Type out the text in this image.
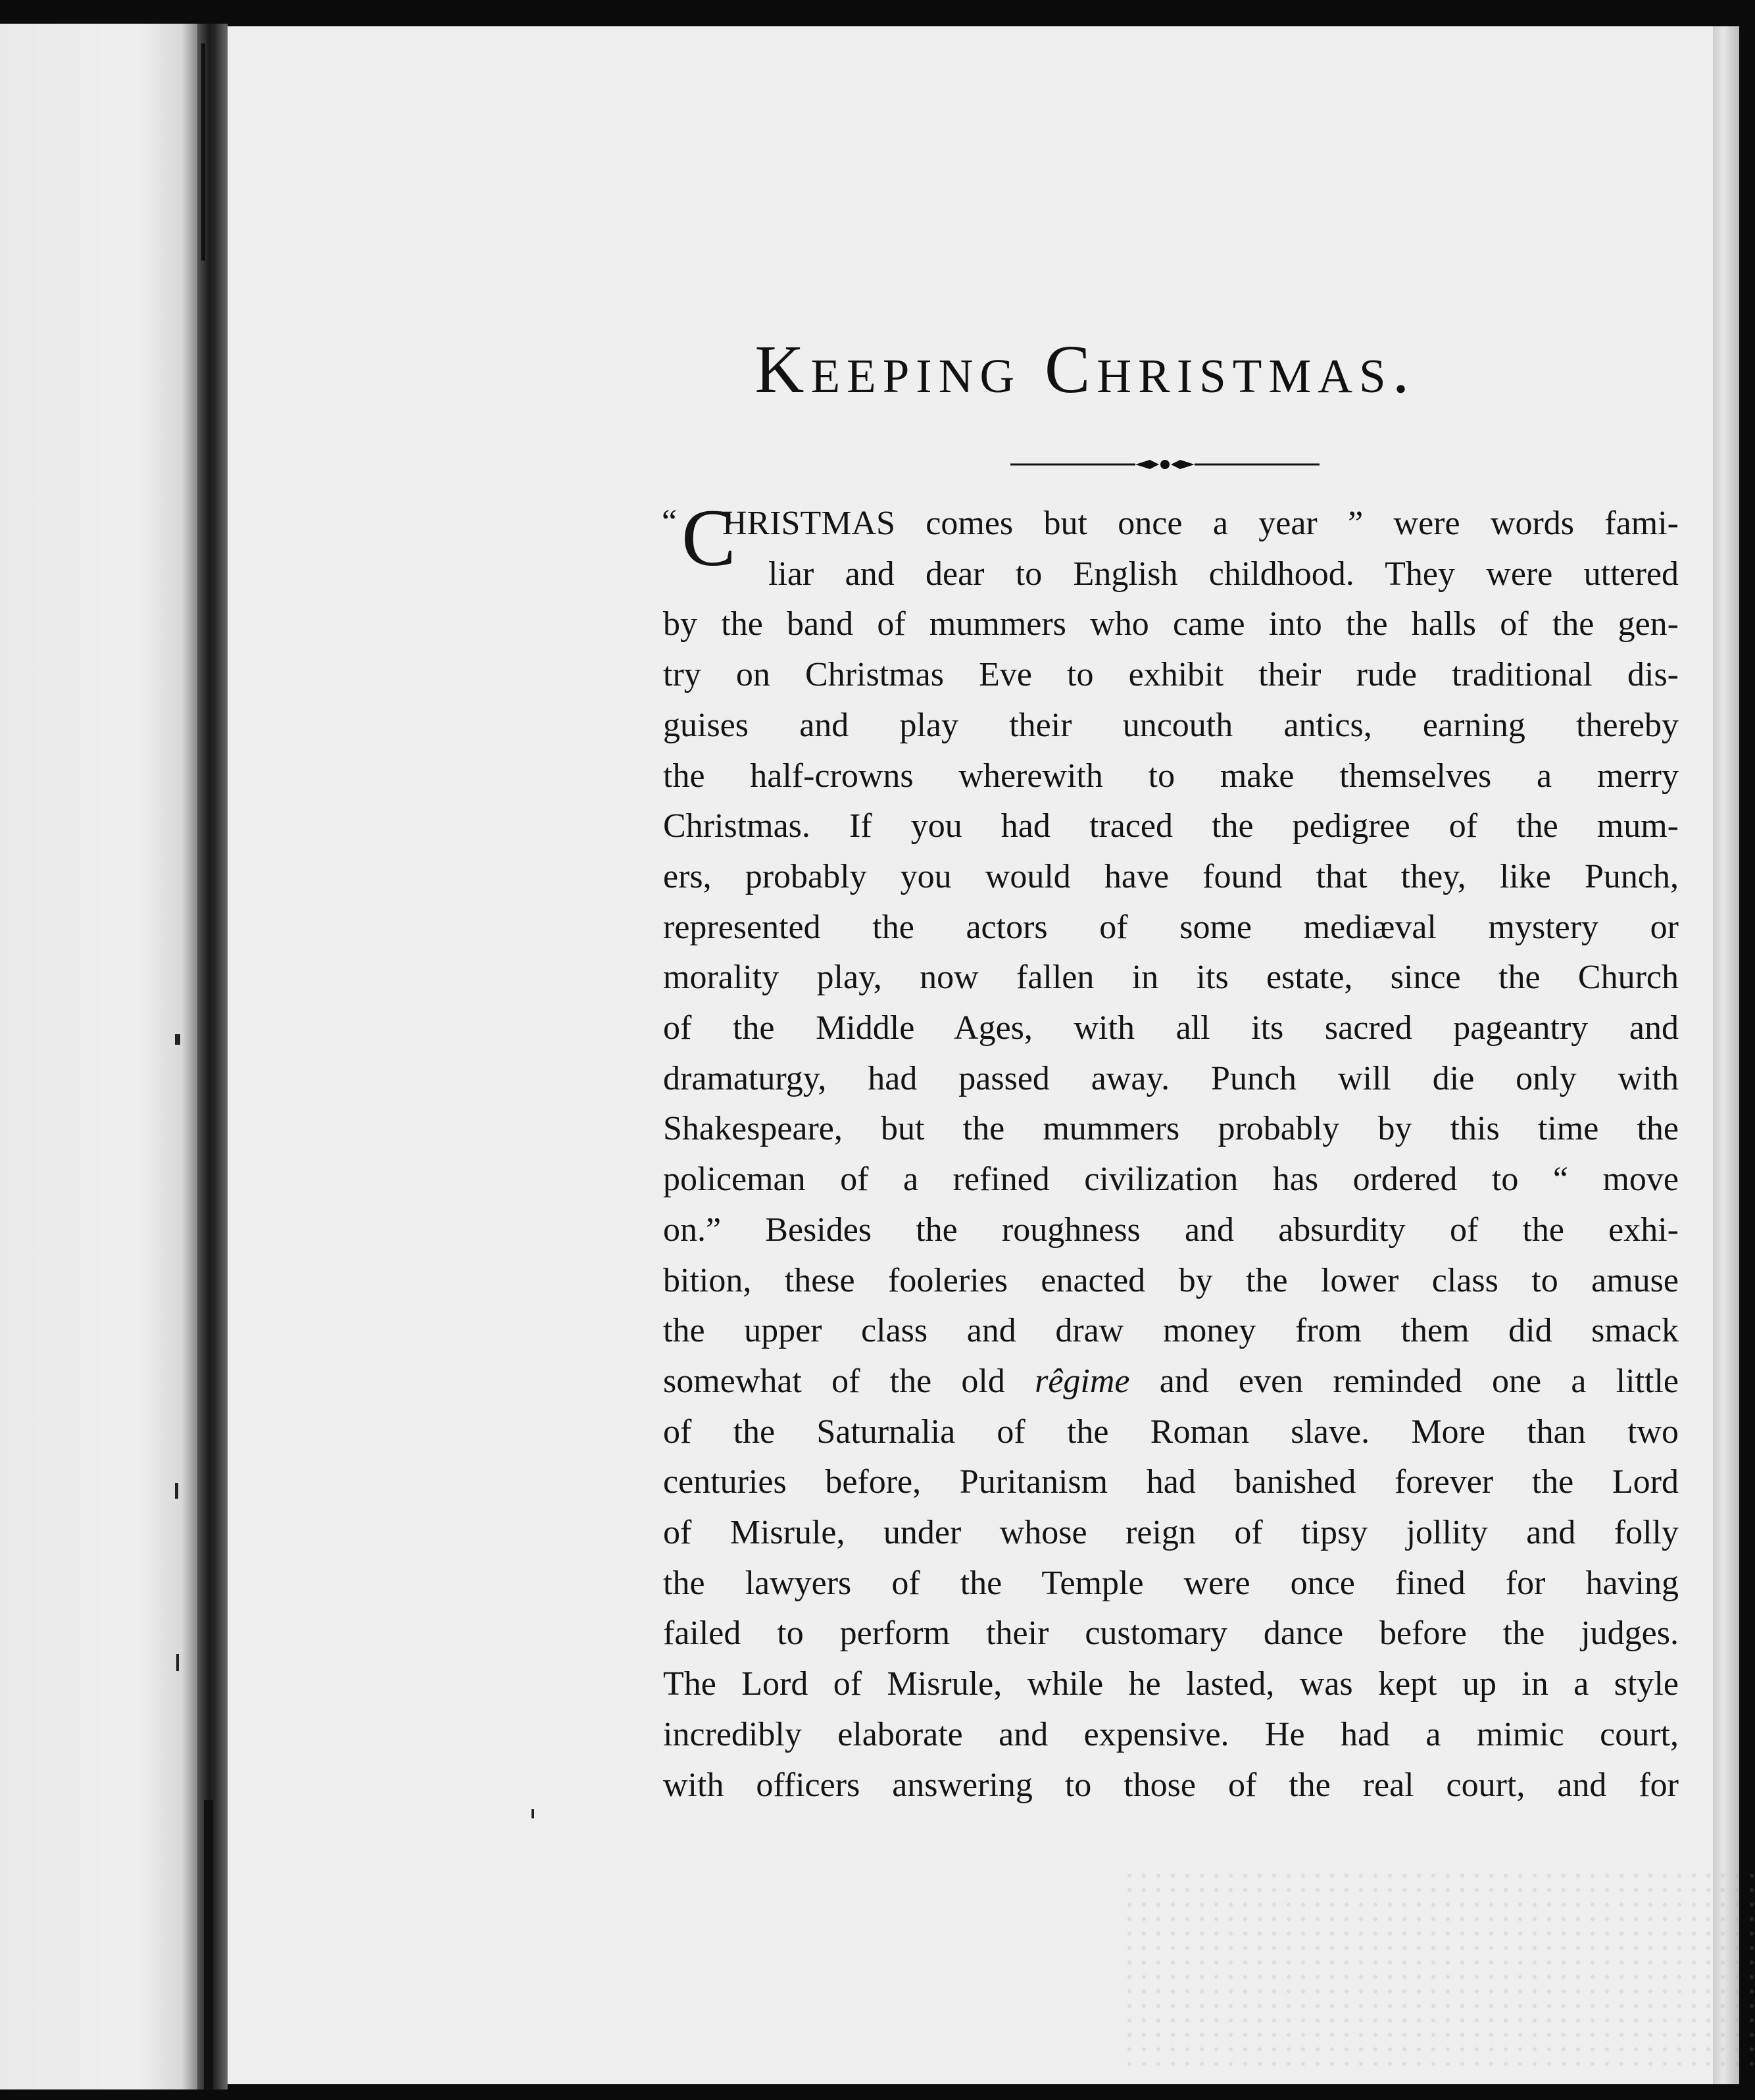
Keeping Christmas.
“ C
HRISTMAS comes but once a year ” were words fami-
liar and dear to English childhood. They were uttered
by the band of mummers who came into the halls of the gen-
try on Christmas Eve to exhibit their rude traditional dis-
guises and play their uncouth antics, earning thereby
the half-crowns wherewith to make themselves a merry
Christmas. If you had traced the pedigree of the mum-
ers, probably you would have found that they, like Punch,
represented the actors of some mediæval mystery or
morality play, now fallen in its estate, since the Church
of the Middle Ages, with all its sacred pageantry and
dramaturgy, had passed away. Punch will die only with
Shakespeare, but the mummers probably by this time the
policeman of a refined civilization has ordered to “ move
on.” Besides the roughness and absurdity of the exhi-
bition, these fooleries enacted by the lower class to amuse
the upper class and draw money from them did smack
somewhat of the old rêgime and even reminded one a little
of the Saturnalia of the Roman slave. More than two
centuries before, Puritanism had banished forever the Lord
of Misrule, under whose reign of tipsy jollity and folly
the lawyers of the Temple were once fined for having
failed to perform their customary dance before the judges.
The Lord of Misrule, while he lasted, was kept up in a style
incredibly elaborate and expensive. He had a mimic court,
with officers answering to those of the real court, and for
